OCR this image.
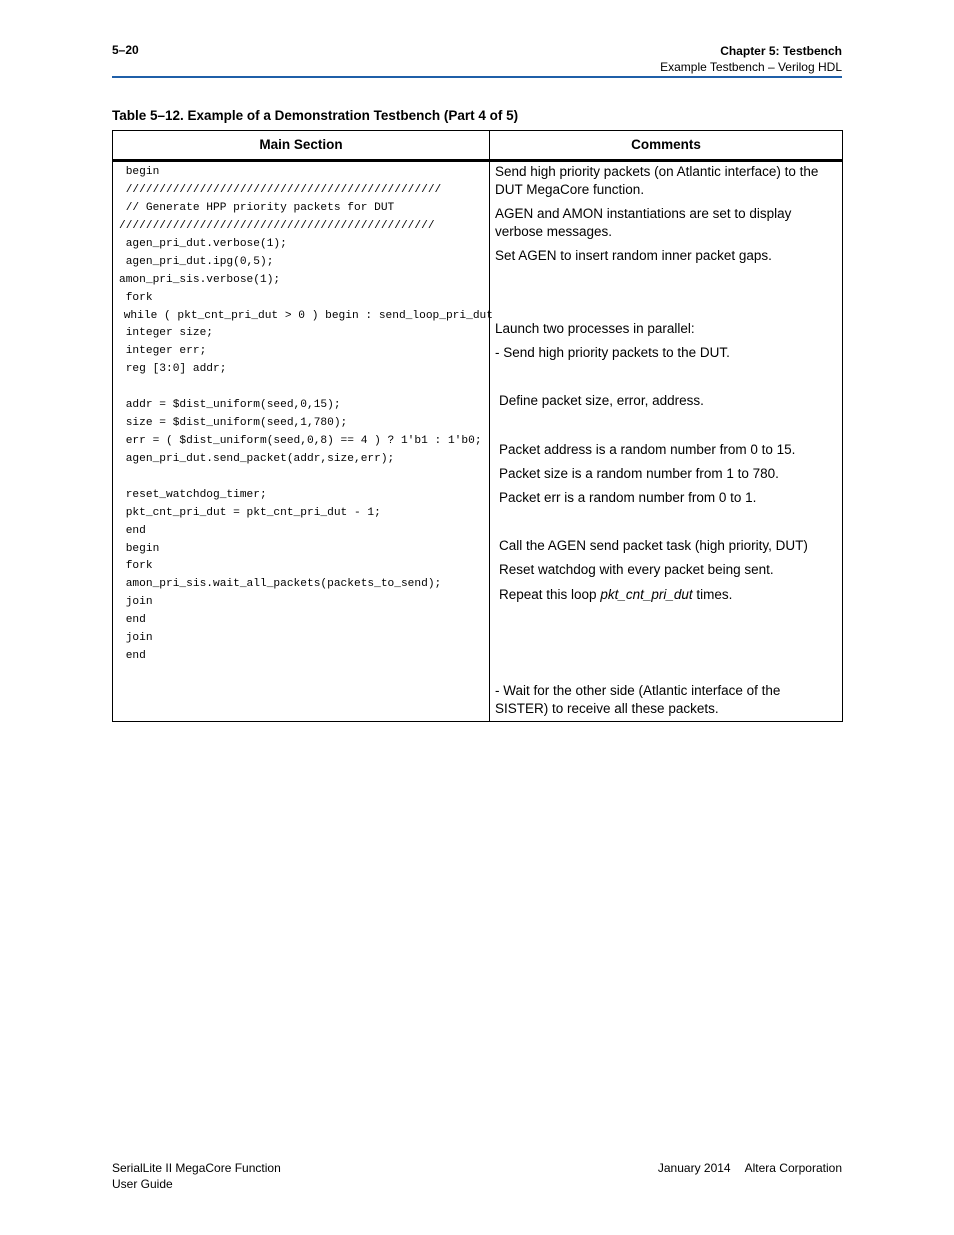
5–20	Chapter 5: Testbench
Example Testbench – Verilog HDL
Table 5–12. Example of a Demonstration Testbench (Part 4 of 5)
Main Section	Comments
begin
///////////////////////////////////////////////
// Generate HPP priority packets for DUT
///////////////////////////////////////////////
agen_pri_dut.verbose(1);
agen_pri_dut.ipg(0,5);
amon_pri_sis.verbose(1);
fork
while ( pkt_cnt_pri_dut > 0 ) begin : send_loop_pri_dut
integer size;
integer err;
reg [3:0] addr;
addr = $dist_uniform(seed,0,15);
size = $dist_uniform(seed,1,780);
err = ( $dist_uniform(seed,0,8) == 4 ) ? 1'b1 : 1'b0;
agen_pri_dut.send_packet(addr,size,err);
reset_watchdog_timer;
pkt_cnt_pri_dut = pkt_cnt_pri_dut - 1;
end
begin
fork
amon_pri_sis.wait_all_packets(packets_to_send);
join
end
join
end
Send high priority packets (on Atlantic interface) to the DUT MegaCore function.
AGEN and AMON instantiations are set to display verbose messages.
Set AGEN to insert random inner packet gaps.
Launch two processes in parallel:
- Send high priority packets to the DUT.
Define packet size, error, address.
Packet address is a random number from 0 to 15.
Packet size is a random number from 1 to 780.
Packet err is a random number from 0 to 1.
Call the AGEN send packet task (high priority, DUT)
Reset watchdog with every packet being sent.
Repeat this loop pkt_cnt_pri_dut times.
- Wait for the other side (Atlantic interface of the SISTER) to receive all these packets.
SerialLite II MegaCore Function
User Guide
January 2014 Altera Corporation
